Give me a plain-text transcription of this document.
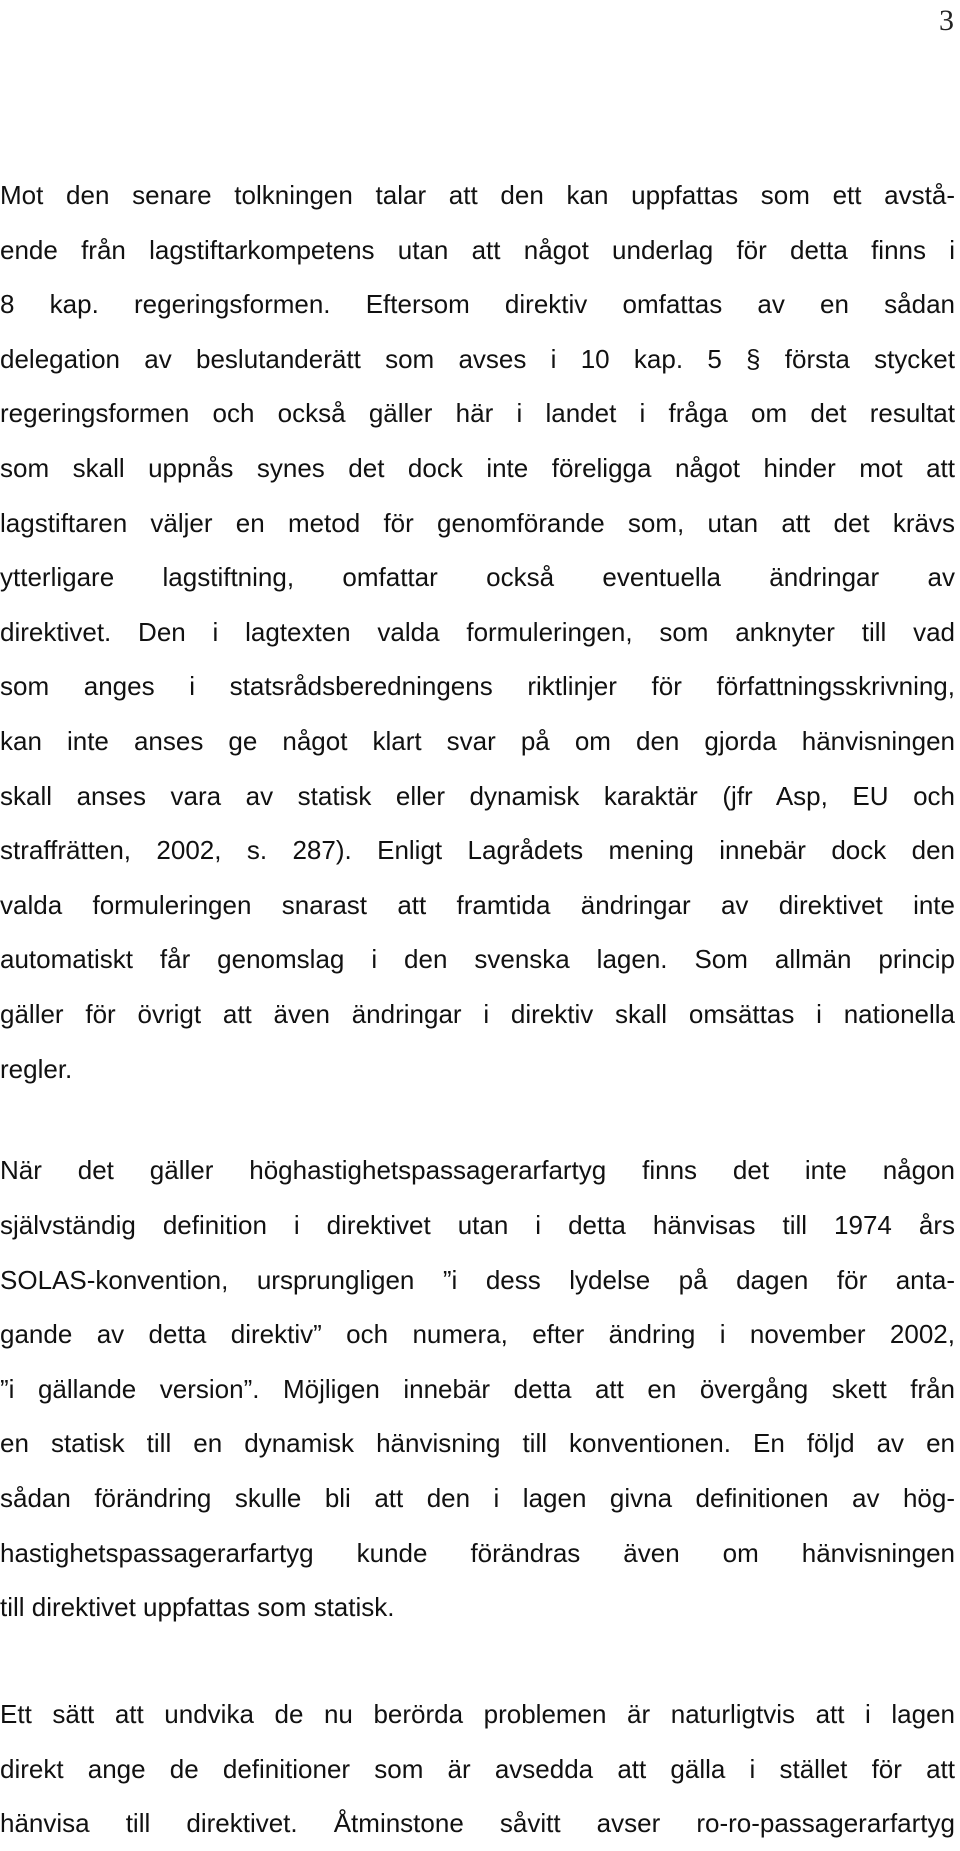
3
Mot den senare tolkningen talar att den kan uppfattas som ett avstå-
ende från lagstiftarkompetens utan att något underlag för detta finns i
8 kap. regeringsformen. Eftersom direktiv omfattas av en sådan
delegation av beslutanderätt som avses i 10 kap. 5 § första stycket
regeringsformen och också gäller här i landet i fråga om det resultat
som skall uppnås synes det dock inte föreligga något hinder mot att
lagstiftaren väljer en metod för genomförande som, utan att det krävs
ytterligare lagstiftning, omfattar också eventuella ändringar av
direktivet. Den i lagtexten valda formuleringen, som anknyter till vad
som anges i statsrådsberedningens riktlinjer för författningsskrivning,
kan inte anses ge något klart svar på om den gjorda hänvisningen
skall anses vara av statisk eller dynamisk karaktär (jfr Asp, EU och
straffrätten, 2002, s. 287). Enligt Lagrådets mening innebär dock den
valda formuleringen snarast att framtida ändringar av direktivet inte
automatiskt får genomslag i den svenska lagen. Som allmän princip
gäller för övrigt att även ändringar i direktiv skall omsättas i nationella
regler.
När det gäller höghastighetspassagerarfartyg finns det inte någon
självständig definition i direktivet utan i detta hänvisas till 1974 års
SOLAS-konvention, ursprungligen ”i dess lydelse på dagen för anta-
gande av detta direktiv” och numera, efter ändring i november 2002,
”i gällande version”. Möjligen innebär detta att en övergång skett från
en statisk till en dynamisk hänvisning till konventionen. En följd av en
sådan förändring skulle bli att den i lagen givna definitionen av hög-
hastighetspassagerarfartyg kunde förändras även om hänvisningen
till direktivet uppfattas som statisk.
Ett sätt att undvika de nu berörda problemen är naturligtvis att i lagen
direkt ange de definitioner som är avsedda att gälla i stället för att
hänvisa till direktivet. Åtminstone såvitt avser ro-ro-passagerarfartyg
